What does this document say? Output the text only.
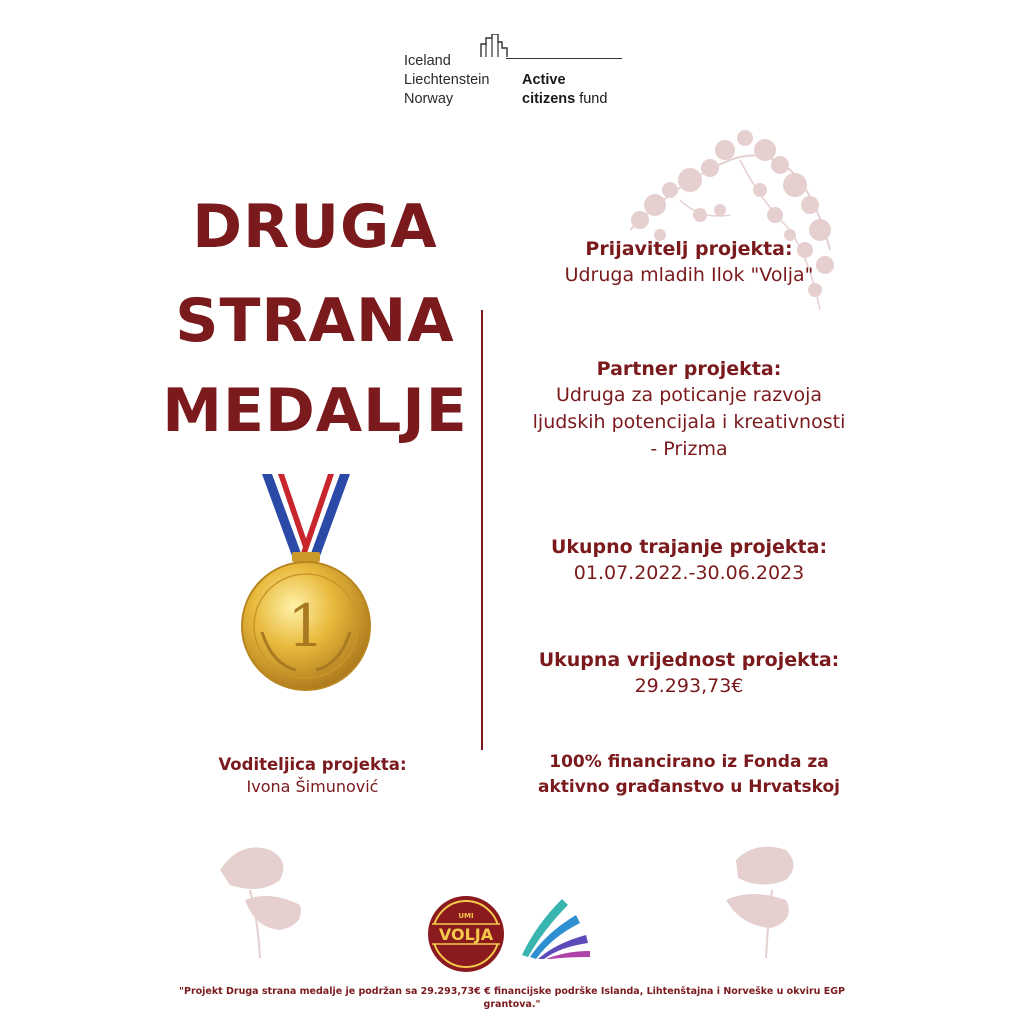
Iceland
Liechtenstein
Norway
Active
citizens fund
DRUGA
STRANA
MEDALJE
1
Prijavitelj projekta:
Udruga mladih Ilok "Volja"
Partner projekta:
Udruga za poticanje razvoja
ljudskih potencijala i kreativnosti
- Prizma
Ukupno trajanje projekta:
01.07.2022.-30.06.2023
Ukupna vrijednost projekta:
29.293,73€
100% financirano iz Fonda za
aktivno građanstvo u Hrvatskoj
Voditeljica projekta:
Ivona Šimunović
UMI
VOLJA
"Projekt Druga strana medalje je podržan sa 29.293,73€ € financijske podrške Islanda, Lihtenštajna i Norveške u okviru EGP grantova."
